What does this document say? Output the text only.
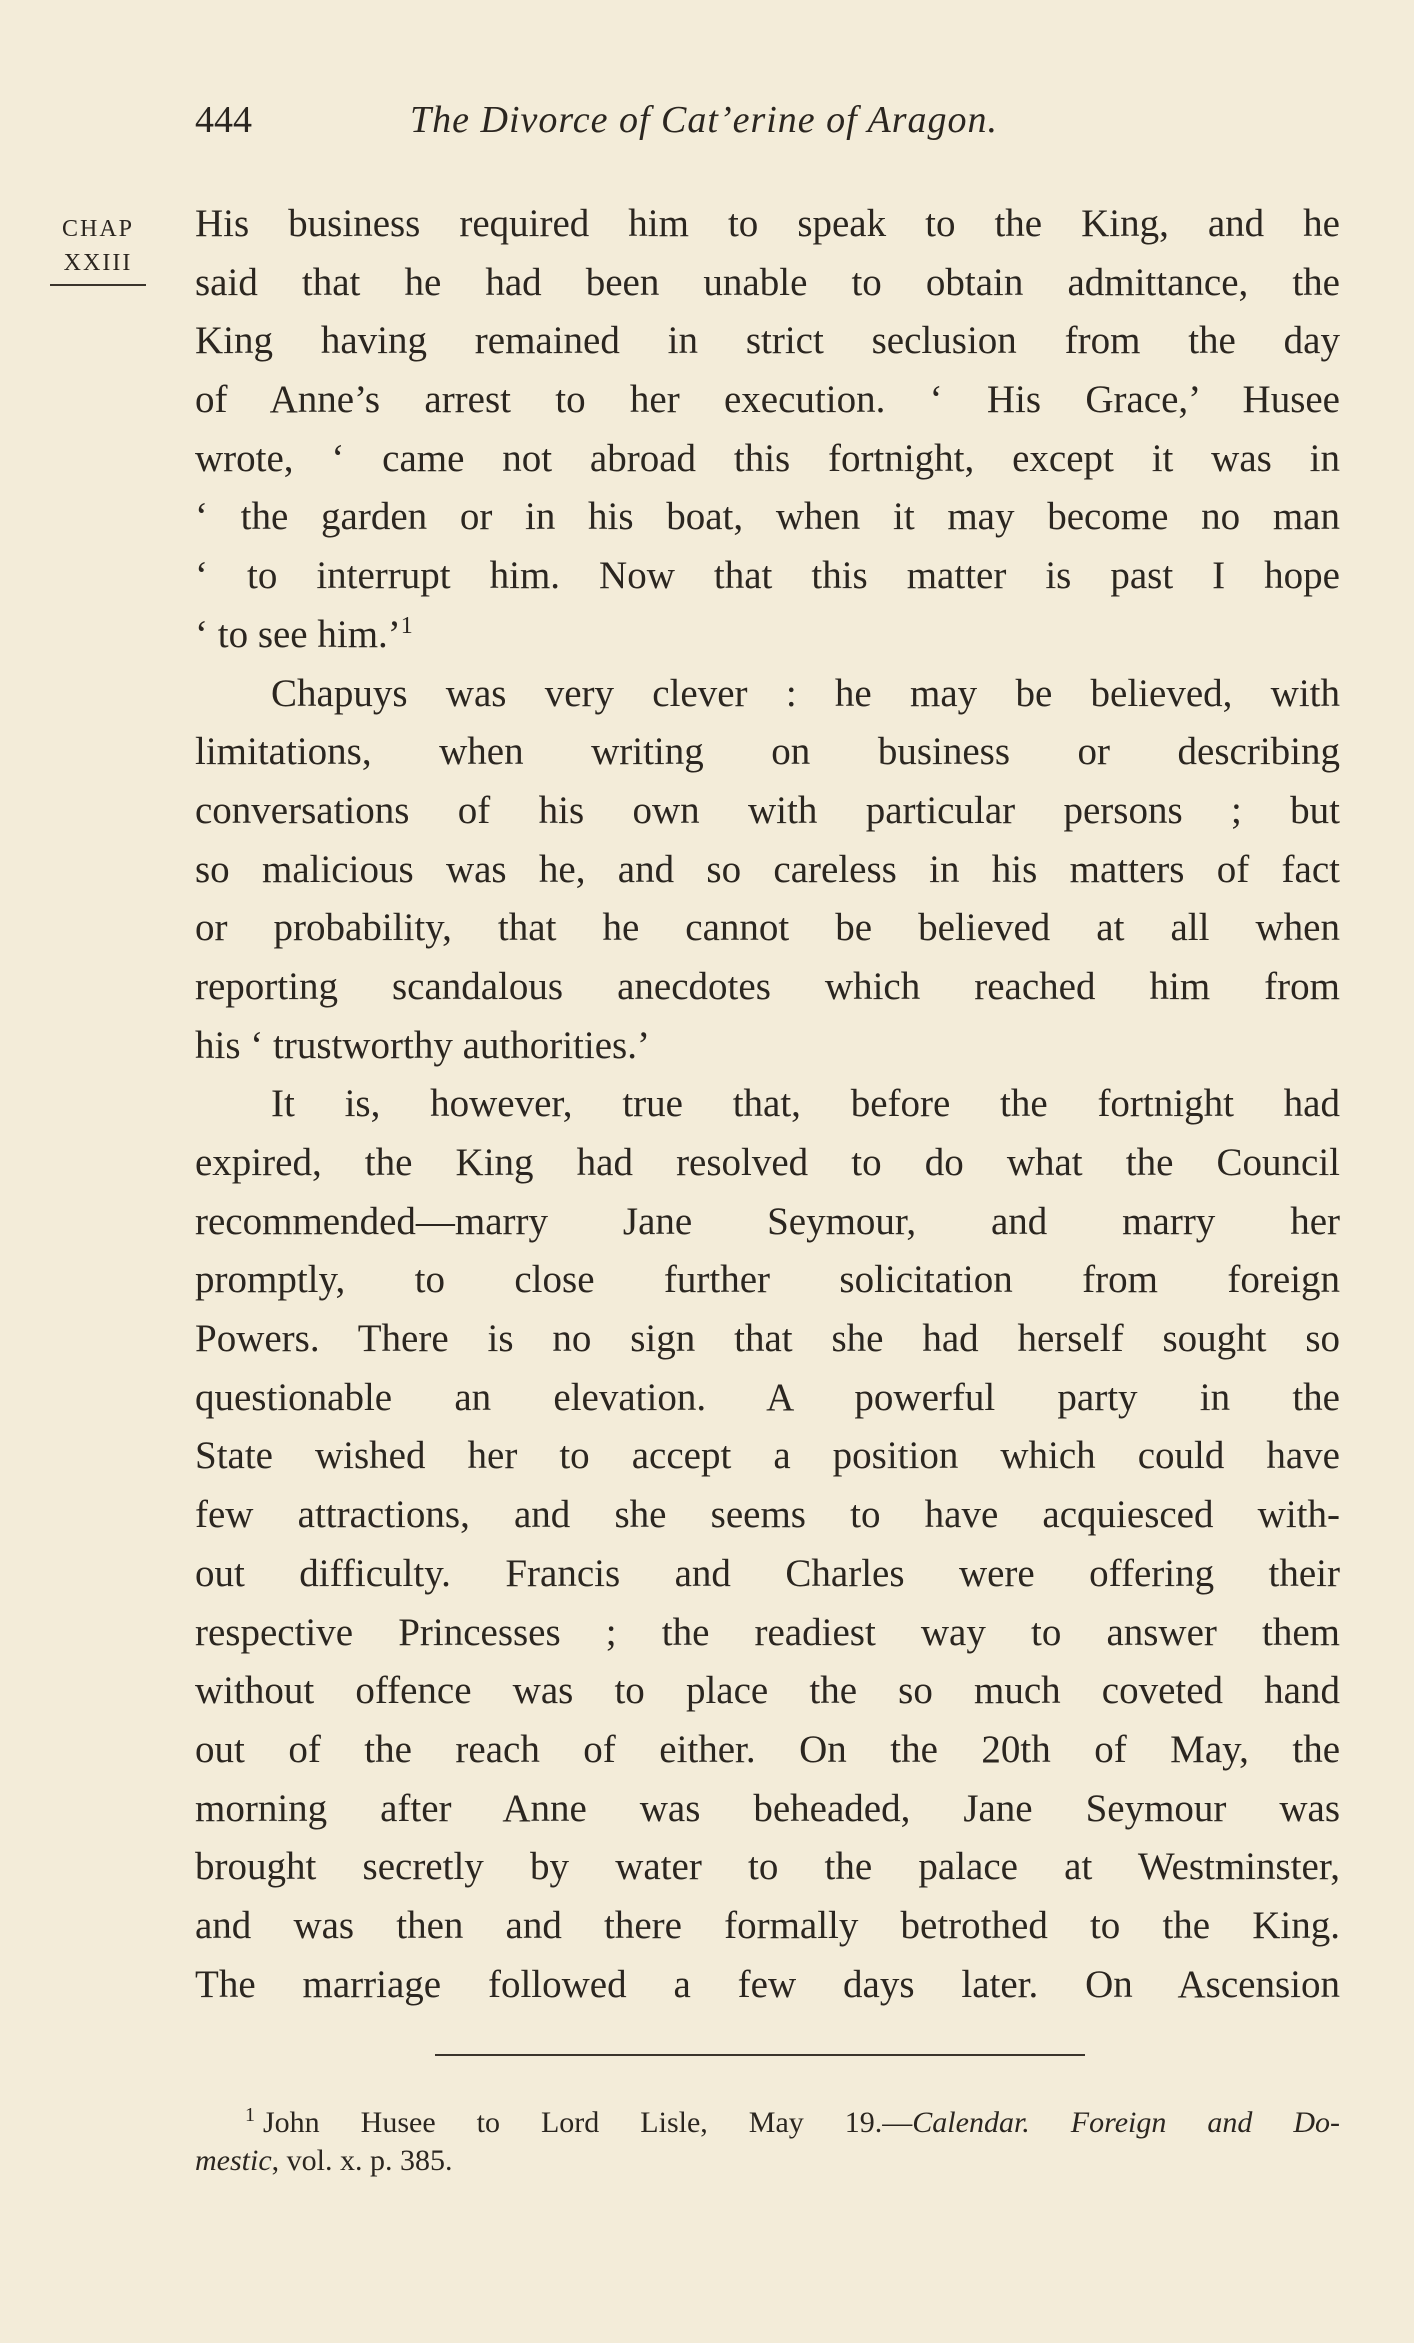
444	The Divorce of Cat’erine of Aragon.
CHAP
XXIII
His business required him to speak to the King, and he
said that he had been unable to obtain admittance, the
King having remained in strict seclusion from the day
of Anne’s arrest to her execution. ‘ His Grace,’ Husee
wrote, ‘ came not abroad this fortnight, except it was in
‘ the garden or in his boat, when it may become no man
‘ to interrupt him. Now that this matter is past I hope
‘ to see him.’$^1$
Chapuys was very clever : he may be believed, with
limitations, when writing on business or describing
conversations of his own with particular persons ; but
so malicious was he, and so careless in his matters of fact
or probability, that he cannot be believed at all when
reporting scandalous anecdotes which reached him from
his ‘ trustworthy authorities.’
It is, however, true that, before the fortnight had
expired, the King had resolved to do what the Council
recommended—marry Jane Seymour, and marry her
promptly, to close further solicitation from foreign
Powers. There is no sign that she had herself sought so
questionable an elevation. A powerful party in the
State wished her to accept a position which could have
few attractions, and she seems to have acquiesced with-
out difficulty. Francis and Charles were offering their
respective Princesses ; the readiest way to answer them
without offence was to place the so much coveted hand
out of the reach of either. On the 20th of May, the
morning after Anne was beheaded, Jane Seymour was
brought secretly by water to the palace at Westminster,
and was then and there formally betrothed to the King.
The marriage followed a few days later. On Ascension
$^1$ John Husee to Lord Lisle, May 19.—Calendar. Foreign and Do-
mestic, vol. x. p. 385.
